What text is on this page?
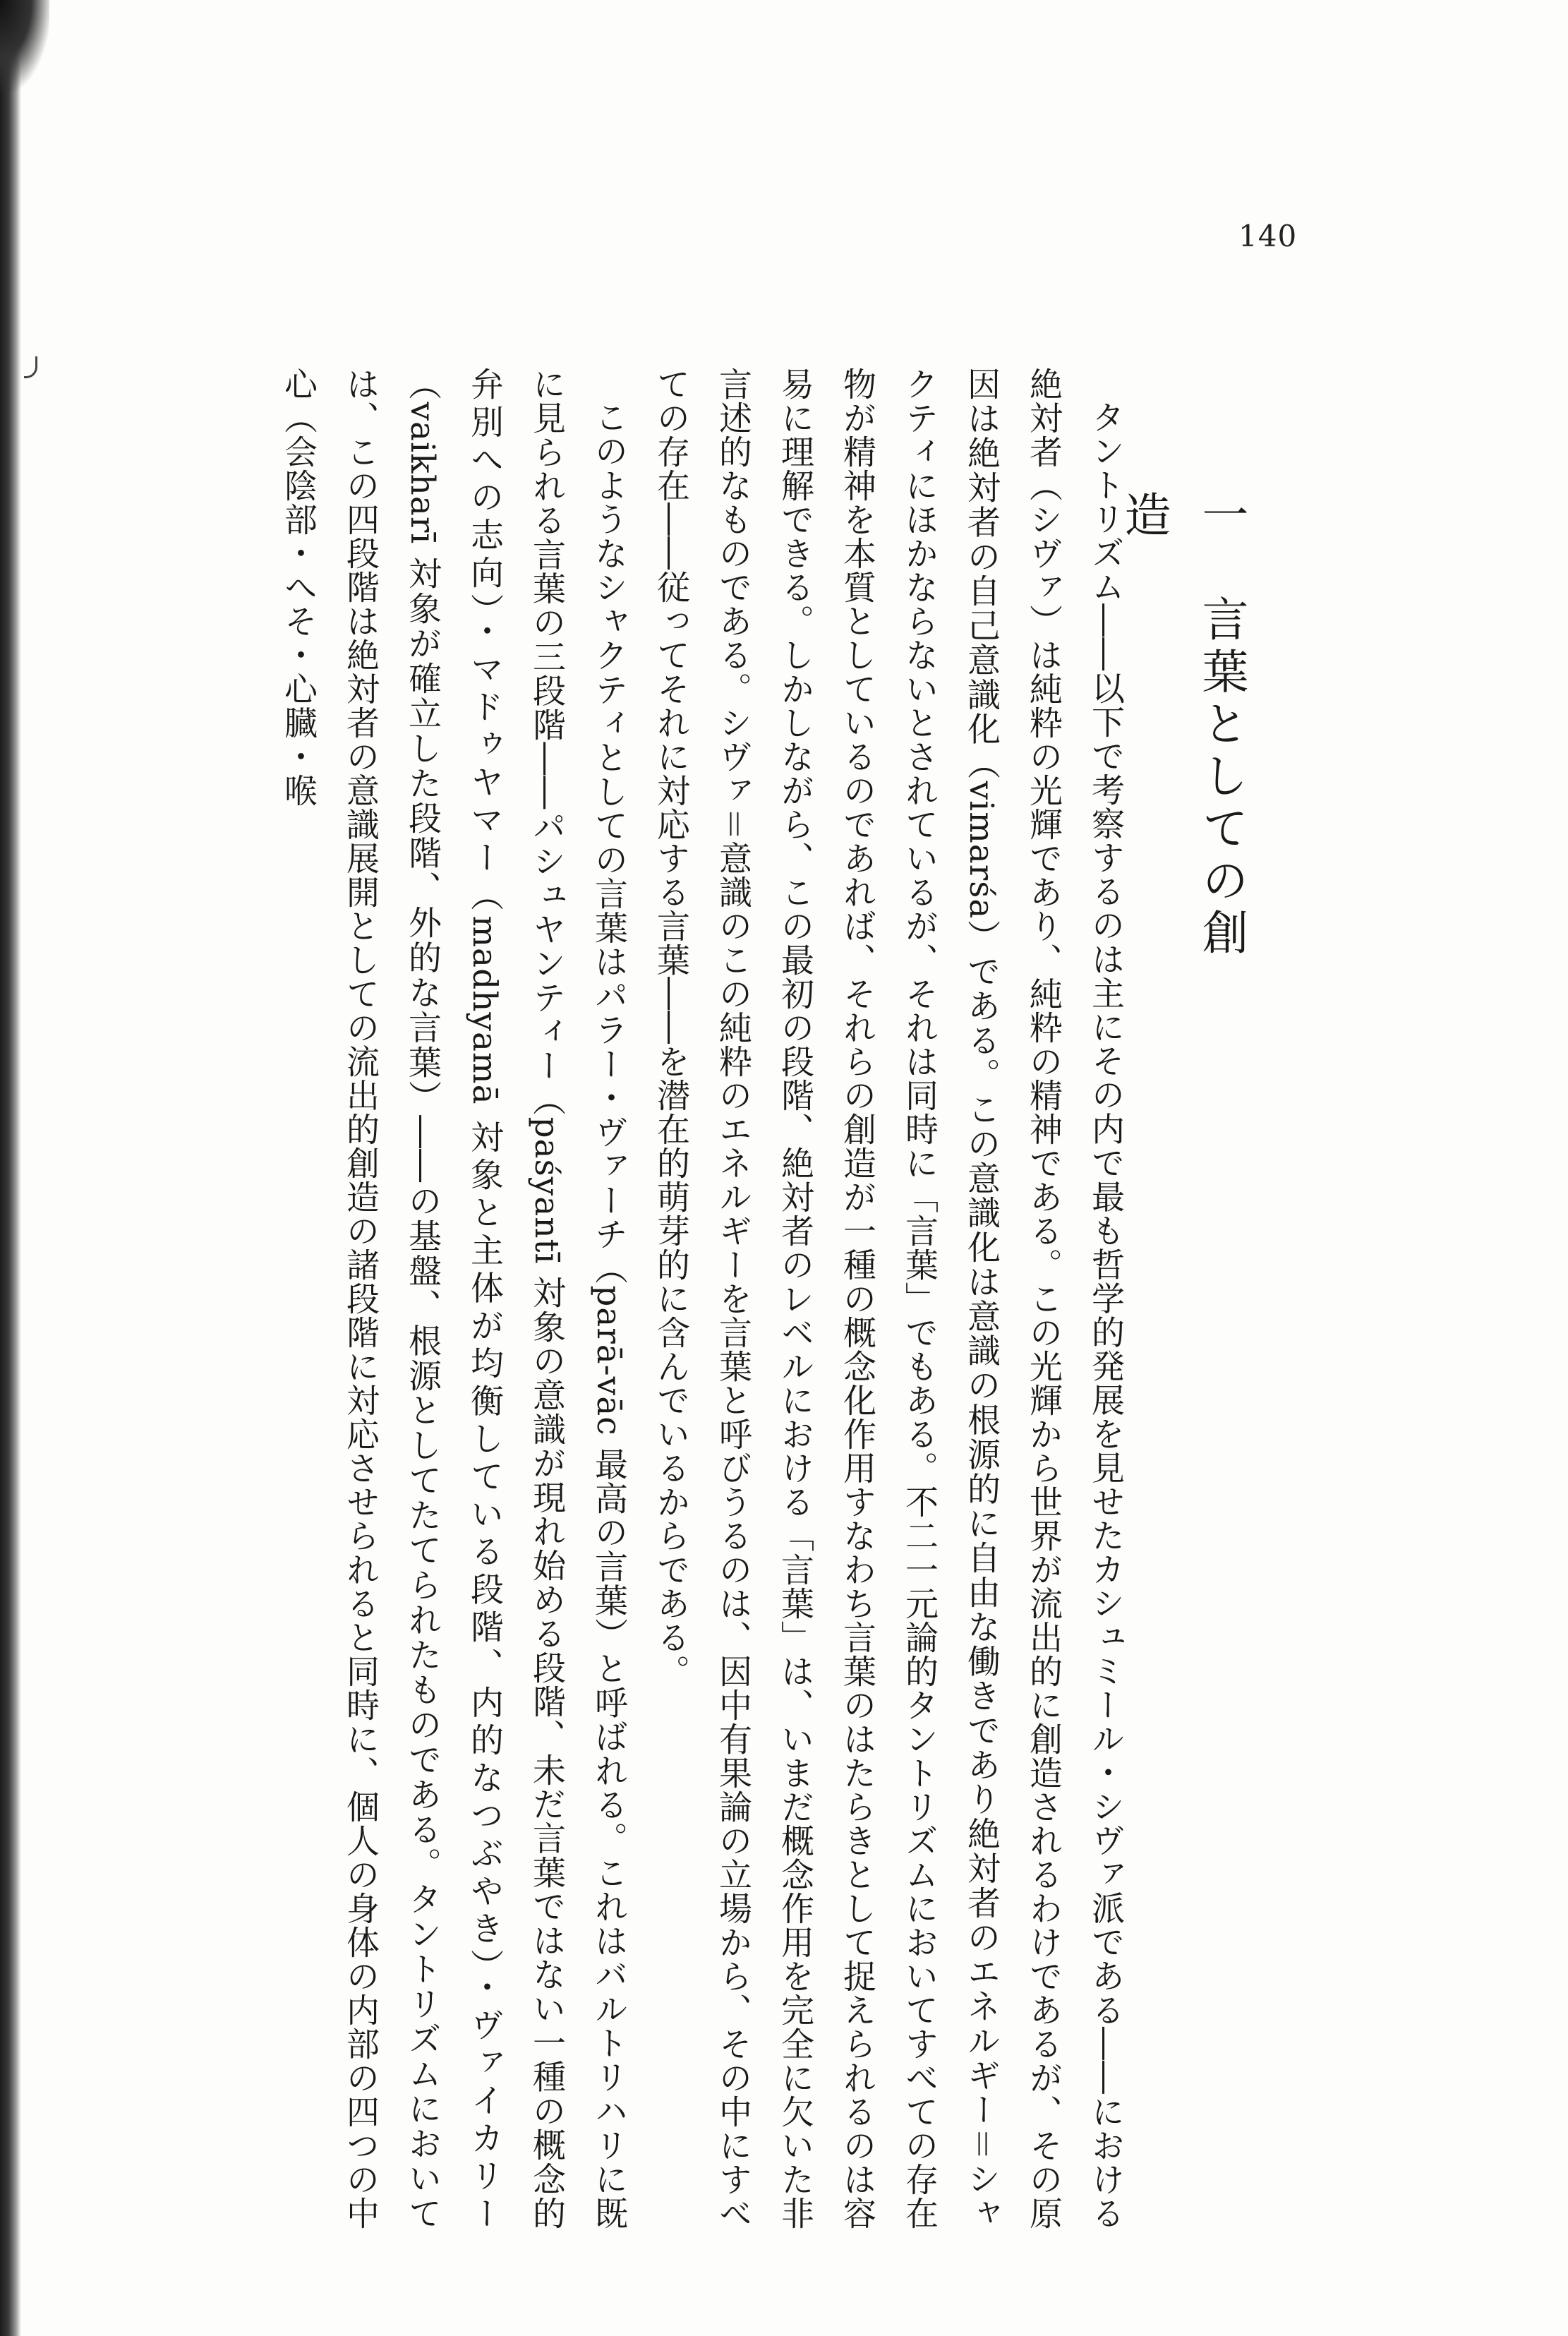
140
一　言葉としての創造

タントリズム――以下で考察するのは主にその内で最も哲学的発展を見せたカシュミール・シヴァ派である――における絶対者（シヴァ）は純粋の光輝であり、純粋の精神である。この光輝から世界が流出的に創造されるわけであるが、その原因は絶対者の自己意識化（vimarśa）である。この意識化は意識の根源的に自由な働きであり絶対者のエネルギー＝シャクティにほかならないとされているが、それは同時に「言葉」でもある。不二一元論的タントリズムにおいてすべての存在物が精神を本質としているのであれば、それらの創造が一種の概念化作用すなわち言葉のはたらきとして捉えられるのは容易に理解できる。しかしながら、この最初の段階、絶対者のレベルにおける「言葉」は、いまだ概念作用を完全に欠いた非言述的なものである。シヴァ＝意識のこの純粋のエネルギーを言葉と呼びうるのは、因中有果論の立場から、その中にすべての存在――従ってそれに対応する言葉――を潜在的萌芽的に含んでいるからである。

このようなシャクティとしての言葉はパラー・ヴァーチ（parā-vāc 最高の言葉）と呼ばれる。これはバルトリハリに既に見られる言葉の三段階――パシュヤンティー（paśyantī 対象の意識が現れ始める段階、未だ言葉ではない一種の概念的弁別への志向）・マドゥヤマー（madhyamā 対象と主体が均衡している段階、内的なつぶやき）・ヴァイカリー（vaikharī 対象が確立した段階、外的な言葉）――の基盤、根源としてたてられたものである。タントリズムにおいては、この四段階は絶対者の意識展開としての流出的創造の諸段階に対応させられると同時に、個人の身体の内部の四つの中心（会陰部・へそ・心臓・喉
